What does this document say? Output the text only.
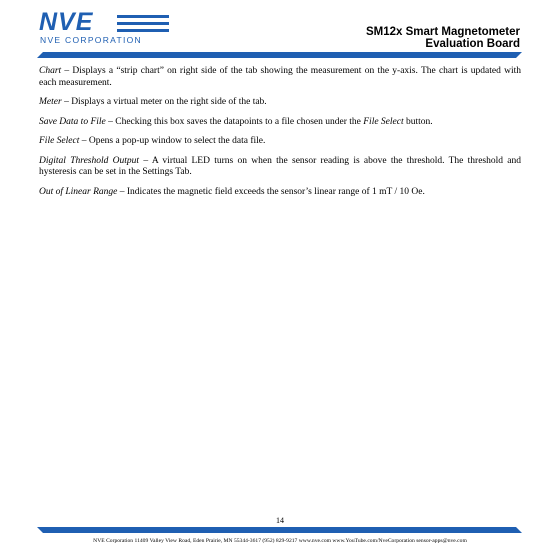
NVE
NVE CORPORATION
SM12x Smart Magnetometer
Evaluation Board

Chart – Displays a “strip chart” on right side of the tab showing the measurement on the y-axis. The chart is updated with each measurement.

Meter – Displays a virtual meter on the right side of the tab.

Save Data to File – Checking this box saves the datapoints to a file chosen under the File Select button.

File Select – Opens a pop-up window to select the data file.

Digital Threshold Output – A virtual LED turns on when the sensor reading is above the threshold. The threshold and hysteresis can be set in the Settings Tab.

Out of Linear Range – Indicates the magnetic field exceeds the sensor’s linear range of 1 mT / 10 Oe.

14
NVE Corporation 11409 Valley View Road, Eden Prairie, MN 55344-3617 (952) 829-9217 www.nve.com www.YouTube.com/NveCorporation sensor-apps@nve.com
